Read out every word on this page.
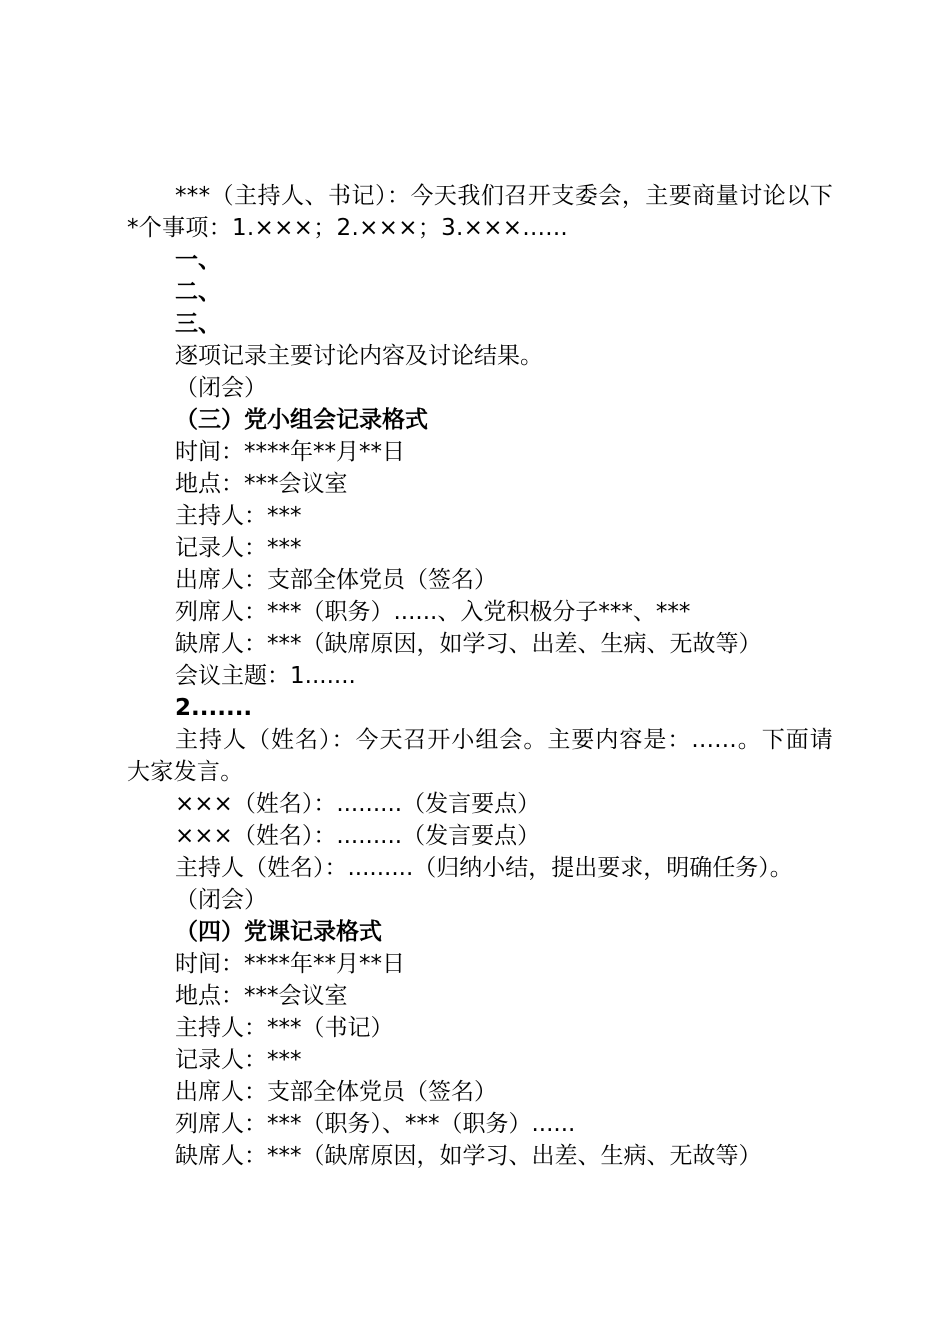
***（主持人、书记）：今天我们召开支委会，主要商量讨论以下*个事项：1.×××；2.×××；3.×××......
一、
二、
三、
逐项记录主要讨论内容及讨论结果。
（闭会）
（三）党小组会记录格式
时间：****年**月**日
地点：***会议室
主持人：***
记录人：***
出席人：支部全体党员（签名）
列席人：***（职务）......、入党积极分子***、***
缺席人：***（缺席原因，如学习、出差、生病、无故等）
会议主题：1.......
2.......
主持人（姓名）：今天召开小组会。主要内容是：......。下面请大家发言。
×××（姓名）：.........（发言要点）
×××（姓名）：.........（发言要点）
主持人（姓名）：.........（归纳小结，提出要求，明确任务）。
（闭会）
（四）党课记录格式
时间：****年**月**日
地点：***会议室
主持人：***（书记）
记录人：***
出席人：支部全体党员（签名）
列席人：***（职务）、***（职务）......
缺席人：***（缺席原因，如学习、出差、生病、无故等）
